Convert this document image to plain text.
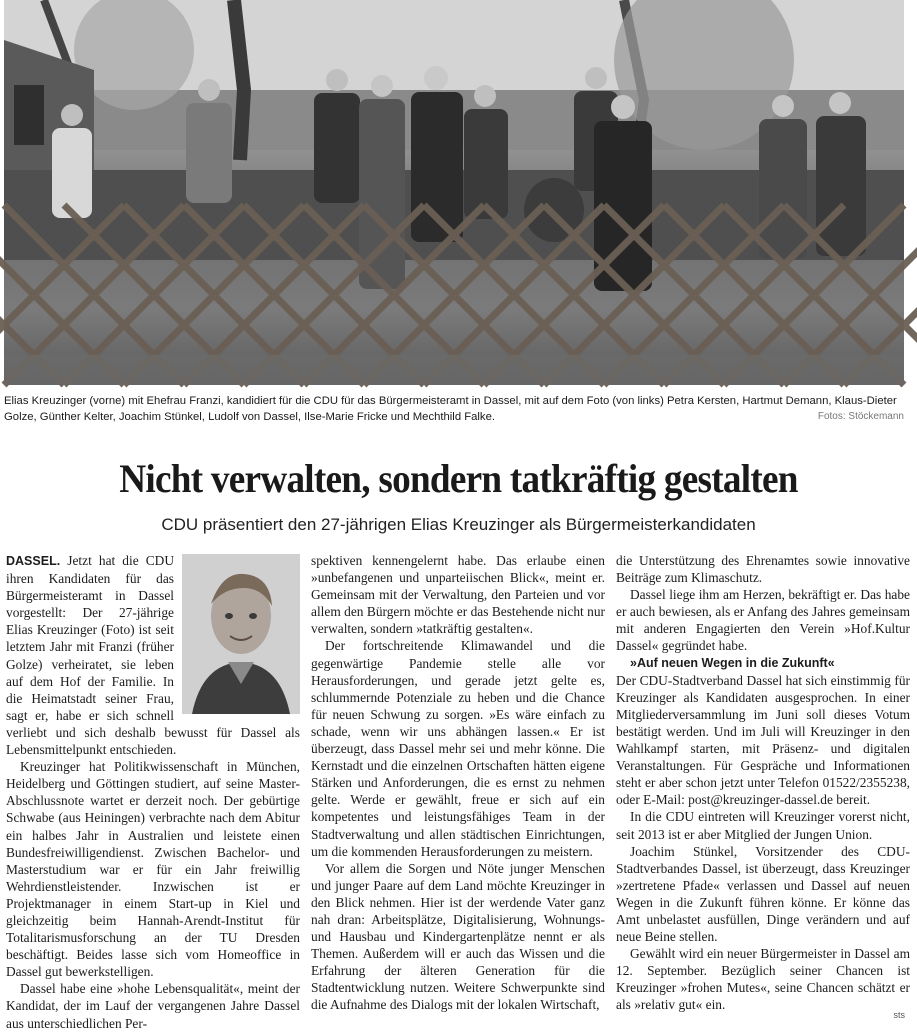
Elias Kreuzinger (vorne) mit Ehefrau Franzi, kandidiert für die CDU für das Bürgermeisteramt in Dassel, mit auf dem Foto (von links) Petra Kersten, Hartmut Demann, Klaus-Dieter Golze, Günther Kelter, Joachim Stünkel, Ludolf von Dassel, Ilse-Marie Fricke und Mechthild Falke.	Fotos: Stöckemann
Nicht verwalten, sondern tatkräftig gestalten
CDU präsentiert den 27-jährigen Elias Kreuzinger als Bürgermeisterkandidaten

DASSEL. Jetzt hat die CDU ihren Kandidaten für das Bürgermeisteramt in Dassel vorgestellt: Der 27-jährige Elias Kreuzinger (Foto) ist seit letztem Jahr mit Franzi (früher Golze) verheiratet, sie leben auf dem Hof der Familie. In die Heimatstadt seiner Frau, sagt er, habe er sich schnell verliebt und sich deshalb bewusst für Dassel als Lebensmittelpunkt entschieden.

Kreuzinger hat Politikwissenschaft in München, Heidelberg und Göttingen studiert, auf seine Master-Abschlussnote wartet er derzeit noch. Der gebürtige Schwabe (aus Heiningen) verbrachte nach dem Abitur ein halbes Jahr in Australien und leistete einen Bundesfreiwilligendienst. Zwischen Bachelor- und Masterstudium war er für ein Jahr freiwillig Wehrdienstleistender. Inzwischen ist er Projektmanager in einem Start-up in Kiel und gleichzeitig beim Hannah-Arendt-Institut für Totalitarismusforschung an der TU Dresden beschäftigt. Beides lasse sich vom Homeoffice in Dassel gut bewerkstelligen.

Dassel habe eine »hohe Lebensqualität«, meint der Kandidat, der im Lauf der vergangenen Jahre Dassel aus unterschiedlichen Per-

spektiven kennengelernt habe. Das erlaube einen »unbefangenen und unparteiischen Blick«, meint er. Gemeinsam mit der Verwaltung, den Parteien und vor allem den Bürgern möchte er das Bestehende nicht nur verwalten, sondern »tatkräftig gestalten«.

Der fortschreitende Klimawandel und die gegenwärtige Pandemie stelle alle vor Herausforderungen, und gerade jetzt gelte es, schlummernde Potenziale zu heben und die Chance für neuen Schwung zu sorgen. »Es wäre einfach zu schade, wenn wir uns abhängen lassen.« Er ist überzeugt, dass Dassel mehr sei und mehr könne. Die Kernstadt und die einzelnen Ortschaften hätten eigene Stärken und Anforderungen, die es ernst zu nehmen gelte. Werde er gewählt, freue er sich auf ein kompetentes und leistungsfähiges Team in der Stadtverwaltung und allen städtischen Einrichtungen, um die kommenden Herausforderungen zu meistern.

Vor allem die Sorgen und Nöte junger Menschen und junger Paare auf dem Land möchte Kreuzinger in den Blick nehmen. Hier ist der werdende Vater ganz nah dran: Arbeitsplätze, Digitalisierung, Wohnungs- und Hausbau und Kindergartenplätze nennt er als Themen. Außerdem will er auch das Wissen und die Erfahrung der älteren Generation für die Stadtentwicklung nutzen. Weitere Schwerpunkte sind die Aufnahme des Dialogs mit der lokalen Wirtschaft,

die Unterstützung des Ehrenamtes sowie innovative Beiträge zum Klimaschutz.

Dassel liege ihm am Herzen, bekräftigt er. Das habe er auch bewiesen, als er Anfang des Jahres gemeinsam mit anderen Engagierten den Verein »Hof.Kultur Dassel« gegründet habe.

»Auf neuen Wegen in die Zukunft«

Der CDU-Stadtverband Dassel hat sich einstimmig für Kreuzinger als Kandidaten ausgesprochen. In einer Mitgliederversammlung im Juni soll dieses Votum bestätigt werden. Und im Juli will Kreuzinger in den Wahlkampf starten, mit Präsenz- und digitalen Veranstaltungen. Für Gespräche und Informationen steht er aber schon jetzt unter Telefon 01522/2355238, oder E-Mail: post@kreuzinger-dassel.de bereit.

In die CDU eintreten will Kreuzinger vorerst nicht, seit 2013 ist er aber Mitglied der Jungen Union.

Joachim Stünkel, Vorsitzender des CDU-Stadtverbandes Dassel, ist überzeugt, dass Kreuzinger »zertretene Pfade« verlassen und Dassel auf neuen Wegen in die Zukunft führen könne. Er könne das Amt unbelastet ausfüllen, Dinge verändern und auf neue Beine stellen.

Gewählt wird ein neuer Bürgermeister in Dassel am 12. September. Bezüglich seiner Chancen ist Kreuzinger »frohen Mutes«, seine Chancen schätzt er als »relativ gut« ein.

sts
